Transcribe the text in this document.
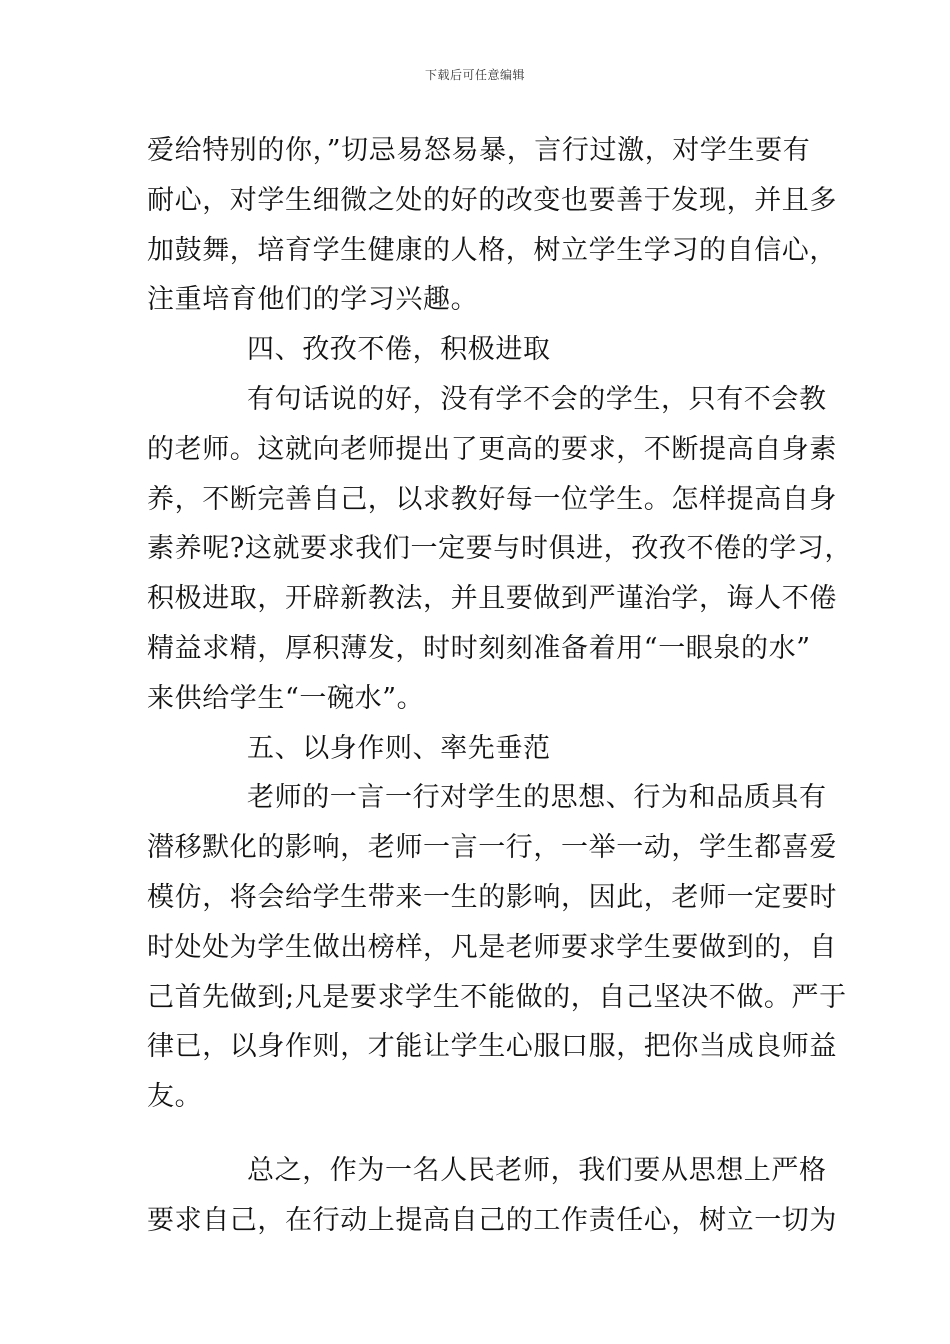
下载后可任意编辑
爱给特别的你，”切忌易怒易暴，言行过激，对学生要有
耐心，对学生细微之处的好的改变也要善于发现，并且多
加鼓舞，培育学生健康的人格，树立学生学习的自信心，
注重培育他们的学习兴趣。
四、孜孜不倦，积极进取
有句话说的好，没有学不会的学生，只有不会教
的老师。这就向老师提出了更高的要求，不断提高自身素
养，不断完善自己，以求教好每一位学生。怎样提高自身
素养呢?这就要求我们一定要与时俱进，孜孜不倦的学习，
积极进取，开辟新教法，并且要做到严谨治学，诲人不倦
精益求精，厚积薄发，时时刻刻准备着用“一眼泉的水”
来供给学生“一碗水”。
五、以身作则、率先垂范
老师的一言一行对学生的思想、行为和品质具有
潜移默化的影响，老师一言一行，一举一动，学生都喜爱
模仿，将会给学生带来一生的影响，因此，老师一定要时
时处处为学生做出榜样，凡是老师要求学生要做到的，自
己首先做到;凡是要求学生不能做的，自己坚决不做。严于
律已，以身作则，才能让学生心服口服，把你当成良师益
友。
总之，作为一名人民老师，我们要从思想上严格
要求自己，在行动上提高自己的工作责任心，树立一切为
